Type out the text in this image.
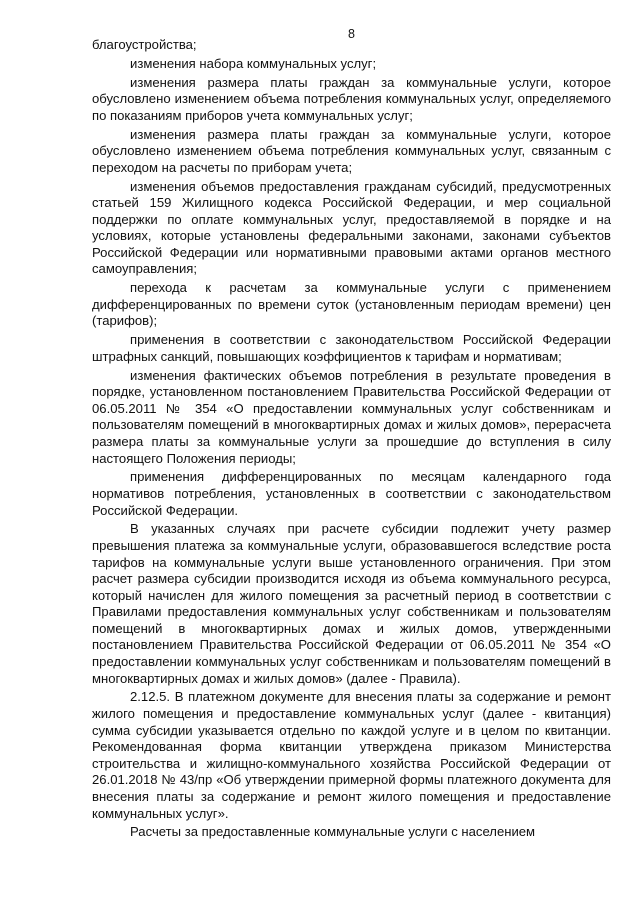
8

благоустройства;

изменения набора коммунальных услуг;

изменения размера платы граждан за коммунальные услуги, которое обусловлено изменением объема потребления коммунальных услуг, определяемого по показаниям приборов учета коммунальных услуг;

изменения размера платы граждан за коммунальные услуги, которое обусловлено изменением объема потребления коммунальных услуг, связанным с переходом на расчеты по приборам учета;

изменения объемов предоставления гражданам субсидий, предусмотренных статьей 159 Жилищного кодекса Российской Федерации, и мер социальной поддержки по оплате коммунальных услуг, предоставляемой в порядке и на условиях, которые установлены федеральными законами, законами субъектов Российской Федерации или нормативными правовыми актами органов местного самоуправления;

перехода к расчетам за коммунальные услуги с применением дифференцированных по времени суток (установленным периодам времени) цен (тарифов);

применения в соответствии с законодательством Российской Федерации штрафных санкций, повышающих коэффициентов к тарифам и нормативам;

изменения фактических объемов потребления в результате проведения в порядке, установленном постановлением Правительства Российской Федерации от 06.05.2011 № 354 «О предоставлении коммунальных услуг собственникам и пользователям помещений в многоквартирных домах и жилых домов», перерасчета размера платы за коммунальные услуги за прошедшие до вступления в силу настоящего Положения периоды;

применения дифференцированных по месяцам календарного года нормативов потребления, установленных в соответствии с законодательством Российской Федерации.

В указанных случаях при расчете субсидии подлежит учету размер превышения платежа за коммунальные услуги, образовавшегося вследствие роста тарифов на коммунальные услуги выше установленного ограничения. При этом расчет размера субсидии производится исходя из объема коммунального ресурса, который начислен для жилого помещения за расчетный период в соответствии с Правилами предоставления коммунальных услуг собственникам и пользователям помещений в многоквартирных домах и жилых домов, утвержденными постановлением Правительства Российской Федерации от 06.05.2011 № 354 «О предоставлении коммунальных услуг собственникам и пользователям помещений в многоквартирных домах и жилых домов» (далее - Правила).

2.12.5. В платежном документе для внесения платы за содержание и ремонт жилого помещения и предоставление коммунальных услуг (далее - квитанция) сумма субсидии указывается отдельно по каждой услуге и в целом по квитанции. Рекомендованная форма квитанции утверждена приказом Министерства строительства и жилищно-коммунального хозяйства Российской Федерации от 26.01.2018 № 43/пр «Об утверждении примерной формы платежного документа для внесения платы за содержание и ремонт жилого помещения и предоставление коммунальных услуг».

Расчеты за предоставленные коммунальные услуги с населением
